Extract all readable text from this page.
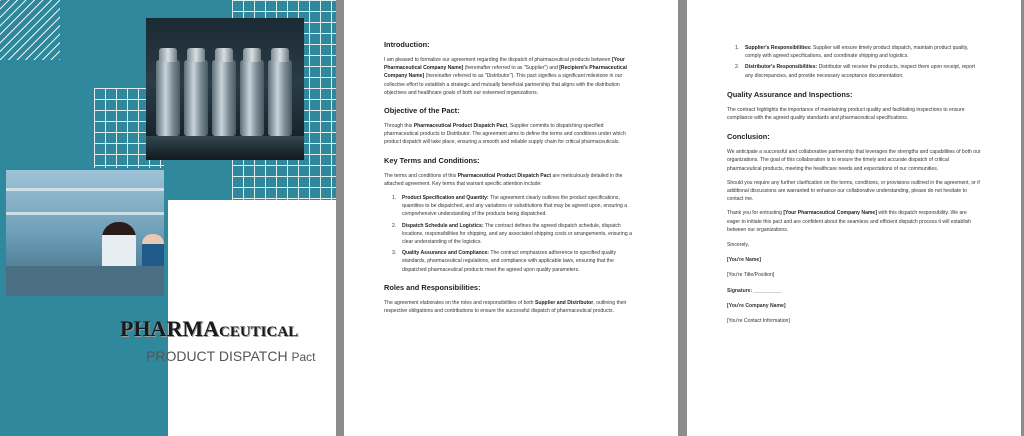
PHARMACEUTICAL
PRODUCT DISPATCH Pact
Introduction:
I am pleased to formalize our agreement regarding the dispatch of pharmaceutical products between [Your Pharmaceutical Company Name] (hereinafter referred to as "Supplier") and [Recipient's Pharmaceutical Company Name] (hereinafter referred to as "Distributor"). This pact signifies a significant milestone in our collective effort to establish a strategic and mutually beneficial partnership that aligns with the distribution objectives and healthcare goals of both our esteemed organizations.
Objective of the Pact:
Through this Pharmaceutical Product Dispatch Pact, Supplier commits to dispatching specified pharmaceutical products to Distributor. The agreement aims to define the terms and conditions under which product dispatch will take place, ensuring a smooth and reliable supply chain for critical pharmaceuticals.
Key Terms and Conditions:
The terms and conditions of this Pharmaceutical Product Dispatch Pact are meticulously detailed in the attached agreement. Key terms that warrant specific attention include:
1. Product Specification and Quantity: The agreement clearly outlines the product specifications, quantities to be dispatched, and any variations or substitutions that may be agreed upon, ensuring a comprehensive understanding of the products being dispatched.
2. Dispatch Schedule and Logistics: The contract defines the agreed dispatch schedule, dispatch locations, responsibilities for shipping, and any associated shipping costs or arrangements, ensuring a clear understanding of the logistics.
3. Quality Assurance and Compliance: The contract emphasizes adherence to specified quality standards, pharmaceutical regulations, and compliance with applicable laws, ensuring that the dispatched pharmaceutical products meet the agreed upon quality parameters.
Roles and Responsibilities:
The agreement elaborates on the roles and responsibilities of both Supplier and Distributor, outlining their respective obligations and contributions to ensure the successful dispatch of pharmaceutical products.
1. Supplier's Responsibilities: Supplier will ensure timely product dispatch, maintain product quality, comply with agreed specifications, and coordinate shipping and logistics.
2. Distributor's Responsibilities: Distributor will receive the products, inspect them upon receipt, report any discrepancies, and provide necessary acceptance documentation.
Quality Assurance and Inspections:
The contract highlights the importance of maintaining product quality and facilitating inspections to ensure compliance with the agreed quality standards and pharmaceutical specifications.
Conclusion:
We anticipate a successful and collaborative partnership that leverages the strengths and capabilities of both our organizations. The goal of this collaboration is to ensure the timely and accurate dispatch of critical pharmaceutical products, meeting the healthcare needs and expectations of our communities.
Should you require any further clarification on the terms, conditions, or provisions outlined in the agreement, or if additional discussions are warranted to enhance our collaborative understanding, please do not hesitate to contact me.
Thank you for entrusting [Your Pharmaceutical Company Name] with this dispatch responsibility. We are eager to initiate this pact and are confident about the seamless and efficient dispatch process it will establish between our organizations.
Sincerely,
[You're Name]
[You're Title/Position]
Signature: __________
[You're Company Name]
[You're Contact Information]
